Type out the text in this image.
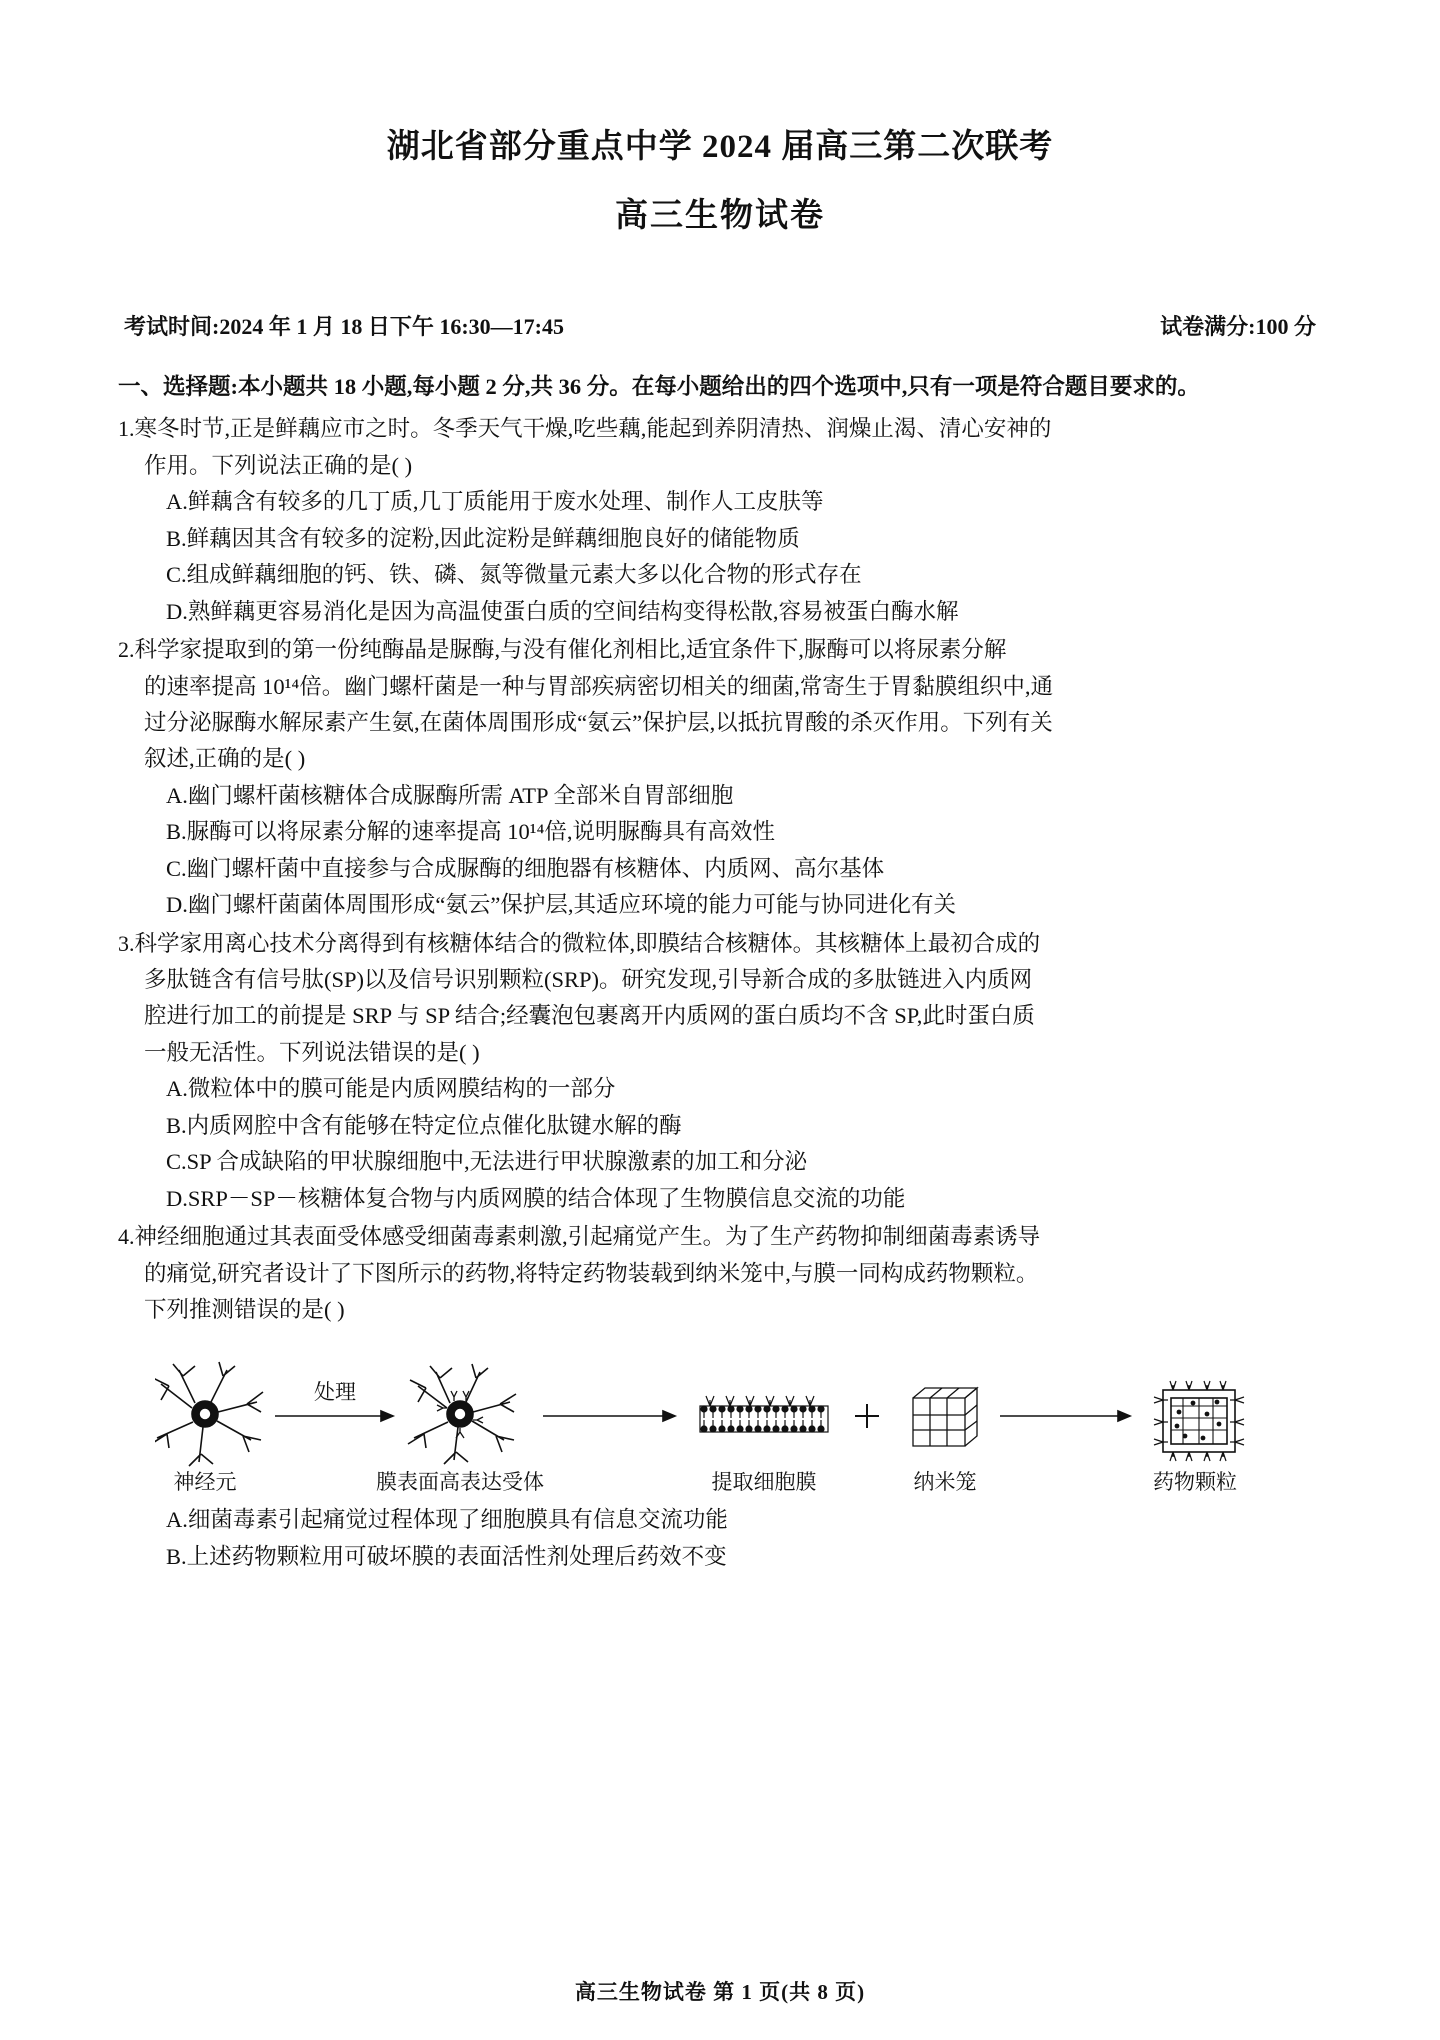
湖北省部分重点中学 2024 届高三第二次联考
高三生物试卷
考试时间:2024 年 1 月 18 日下午 16:30—17:45	试卷满分:100 分
一、选择题:本小题共 18 小题,每小题 2 分,共 36 分。在每小题给出的四个选项中,只有一项是符合题目要求的。
1.寒冬时节,正是鲜藕应市之时。冬季天气干燥,吃些藕,能起到养阴清热、润燥止渴、清心安神的
作用。下列说法正确的是( )
A.鲜藕含有较多的几丁质,几丁质能用于废水处理、制作人工皮肤等
B.鲜藕因其含有较多的淀粉,因此淀粉是鲜藕细胞良好的储能物质
C.组成鲜藕细胞的钙、铁、磷、氮等微量元素大多以化合物的形式存在
D.熟鲜藕更容易消化是因为高温使蛋白质的空间结构变得松散,容易被蛋白酶水解
2.科学家提取到的第一份纯酶晶是脲酶,与没有催化剂相比,适宜条件下,脲酶可以将尿素分解
的速率提高 10¹⁴倍。幽门螺杆菌是一种与胃部疾病密切相关的细菌,常寄生于胃黏膜组织中,通
过分泌脲酶水解尿素产生氨,在菌体周围形成“氨云”保护层,以抵抗胃酸的杀灭作用。下列有关
叙述,正确的是( )
A.幽门螺杆菌核糖体合成脲酶所需 ATP 全部米自胃部细胞
B.脲酶可以将尿素分解的速率提高 10¹⁴倍,说明脲酶具有高效性
C.幽门螺杆菌中直接参与合成脲酶的细胞器有核糖体、内质网、高尔基体
D.幽门螺杆菌菌体周围形成“氨云”保护层,其适应环境的能力可能与协同进化有关
3.科学家用离心技术分离得到有核糖体结合的微粒体,即膜结合核糖体。其核糖体上最初合成的
多肽链含有信号肽(SP)以及信号识别颗粒(SRP)。研究发现,引导新合成的多肽链进入内质网
腔进行加工的前提是 SRP 与 SP 结合;经囊泡包裹离开内质网的蛋白质均不含 SP,此时蛋白质
一般无活性。下列说法错误的是( )
A.微粒体中的膜可能是内质网膜结构的一部分
B.内质网腔中含有能够在特定位点催化肽键水解的酶
C.SP 合成缺陷的甲状腺细胞中,无法进行甲状腺激素的加工和分泌
D.SRP－SP－核糖体复合物与内质网膜的结合体现了生物膜信息交流的功能
4.神经细胞通过其表面受体感受细菌毒素刺激,引起痛觉产生。为了生产药物抑制细菌毒素诱导
的痛觉,研究者设计了下图所示的药物,将特定药物装载到纳米笼中,与膜一同构成药物颗粒。
下列推测错误的是( )
神经元
处理
膜表面高表达受体	提取细胞膜	纳米笼	药物颗粒
A.细菌毒素引起痛觉过程体现了细胞膜具有信息交流功能
B.上述药物颗粒用可破坏膜的表面活性剂处理后药效不变
高三生物试卷 第 1 页(共 8 页)
